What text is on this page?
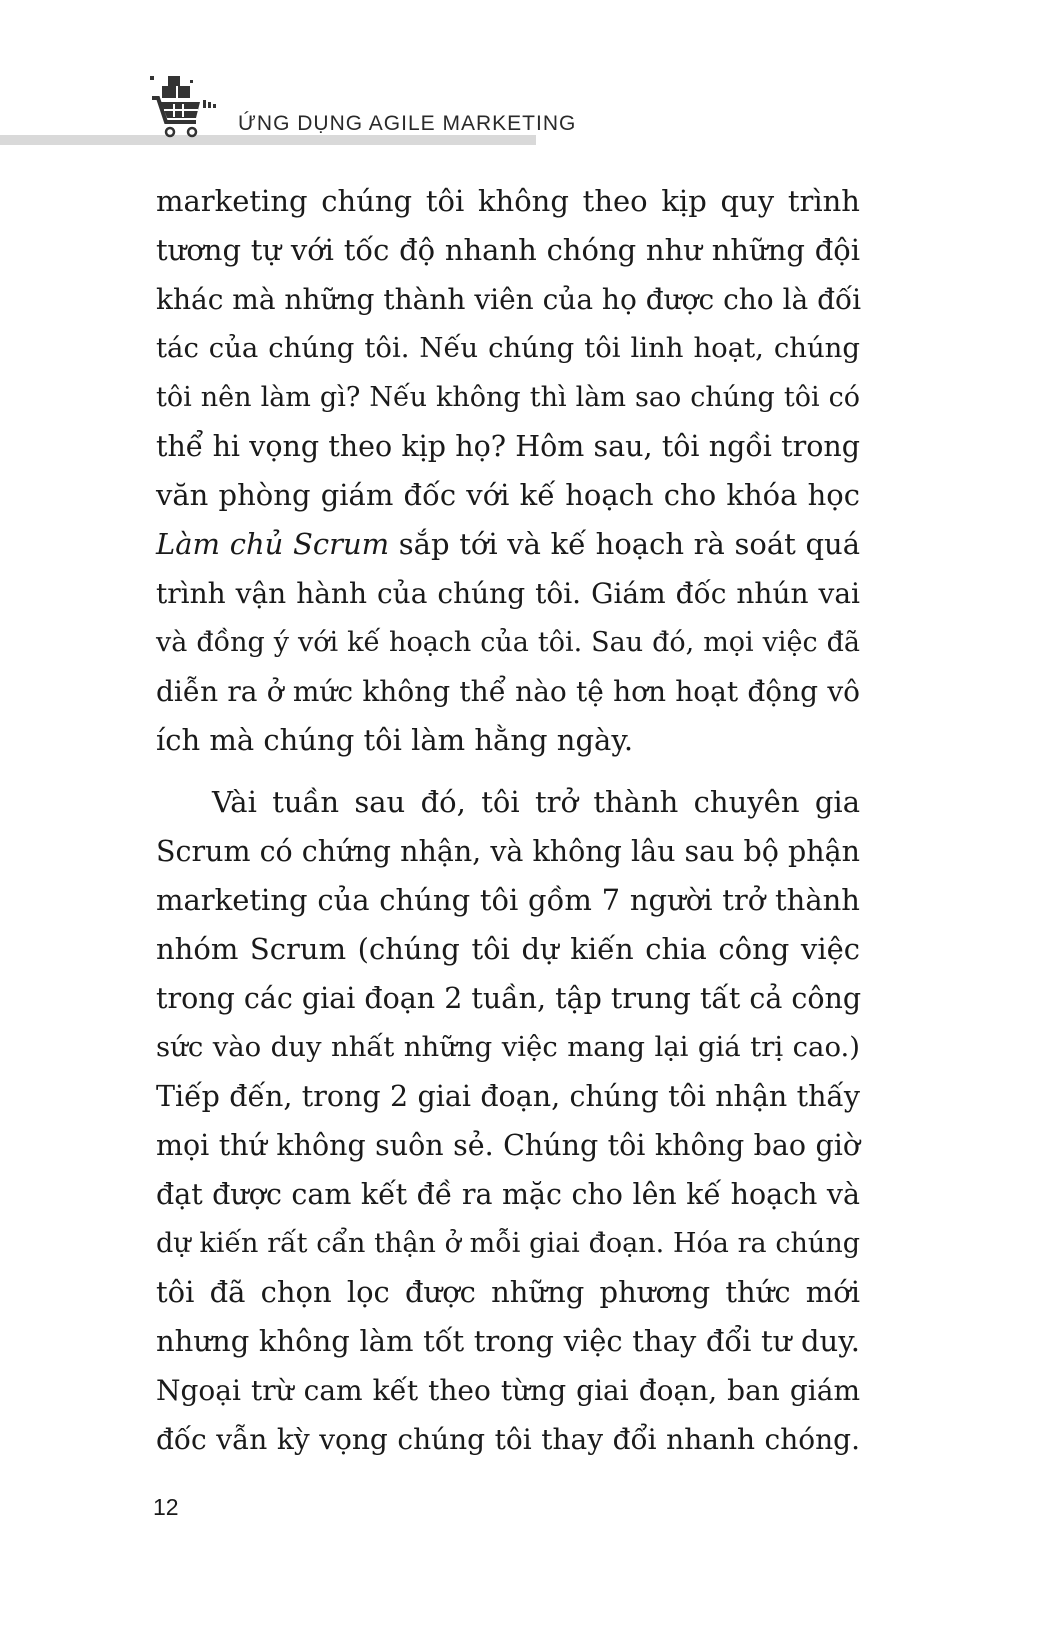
ỨNG DỤNG AGILE MARKETING
marketing chúng tôi không theo kịp quy trình
tương tự với tốc độ nhanh chóng như những đội
khác mà những thành viên của họ được cho là đối
tác của chúng tôi. Nếu chúng tôi linh hoạt, chúng
tôi nên làm gì? Nếu không thì làm sao chúng tôi có
thể hi vọng theo kịp họ? Hôm sau, tôi ngồi trong
văn phòng giám đốc với kế hoạch cho khóa học
Làm chủ Scrum sắp tới và kế hoạch rà soát quá
trình vận hành của chúng tôi. Giám đốc nhún vai
và đồng ý với kế hoạch của tôi. Sau đó, mọi việc đã
diễn ra ở mức không thể nào tệ hơn hoạt động vô
ích mà chúng tôi làm hằng ngày.
Vài tuần sau đó, tôi trở thành chuyên gia
Scrum có chứng nhận, và không lâu sau bộ phận
marketing của chúng tôi gồm 7 người trở thành
nhóm Scrum (chúng tôi dự kiến chia công việc
trong các giai đoạn 2 tuần, tập trung tất cả công
sức vào duy nhất những việc mang lại giá trị cao.)
Tiếp đến, trong 2 giai đoạn, chúng tôi nhận thấy
mọi thứ không suôn sẻ. Chúng tôi không bao giờ
đạt được cam kết đề ra mặc cho lên kế hoạch và
dự kiến rất cẩn thận ở mỗi giai đoạn. Hóa ra chúng
tôi đã chọn lọc được những phương thức mới
nhưng không làm tốt trong việc thay đổi tư duy.
Ngoại trừ cam kết theo từng giai đoạn, ban giám
đốc vẫn kỳ vọng chúng tôi thay đổi nhanh chóng.
12
